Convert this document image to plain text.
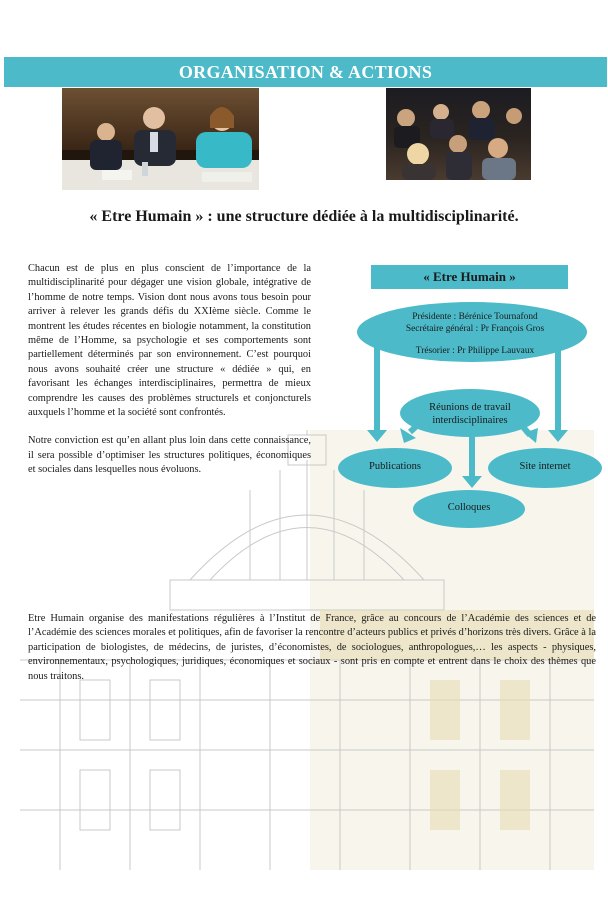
ORGANISATION & ACTIONS
« Etre Humain » : une structure dédiée à la multidisciplinarité.

Chacun est de plus en plus conscient de l’importance de la multidisciplinarité pour dégager une vision globale, intégrative de l’homme de notre temps. Vision dont nous avons tous besoin pour arriver à relever les grands défis du XXIème siècle. Comme le montrent les études récentes en biologie notamment, la constitution même de l’Homme, sa psychologie et ses comportements sont partiellement déterminés par son environnement. C’est pourquoi nous avons souhaité créer une structure « dédiée » qui, en favorisant les échanges interdisciplinaires, permettra de mieux comprendre les causes des problèmes structurels et conjoncturels auxquels l’homme et la société sont confrontés.

Notre conviction est qu’en allant plus loin dans cette connaissance, il sera possible d’optimiser les structures politiques, économiques et sociales dans lesquelles nous évoluons.

« Etre Humain »
Présidente : Bérénice Tournafond
Secrétaire général : Pr François Gros
Trésorier : Pr Philippe Lauvaux
Réunions de travail
interdisciplinaires
Publications	Site internet
Colloques
Etre Humain organise des manifestations régulières à l’Institut de France, grâce au concours de l’Académie des sciences et de l’Académie des sciences morales et politiques, afin de favoriser la rencontre d’acteurs publics et privés d’horizons très divers. Grâce à la participation de biologistes, de médecins, de juristes, d’économistes, de sociologues, anthropologues,… les aspects - physiques, environnementaux, psychologiques, juridiques, économiques et sociaux - sont pris en compte et entrent dans le choix des thèmes que nous traitons.
